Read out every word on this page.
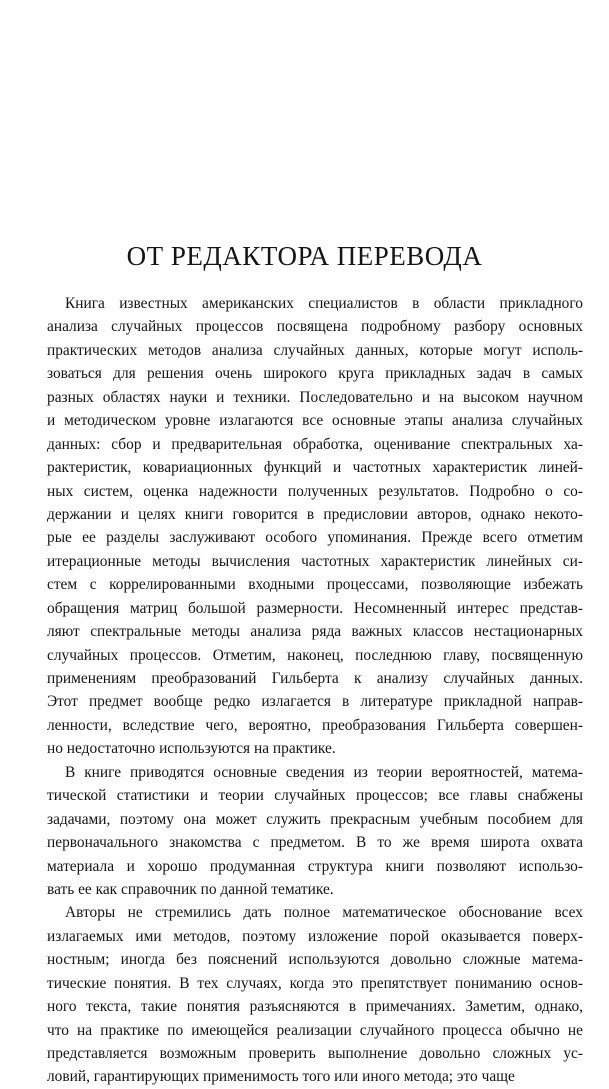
ОТ РЕДАКТОРА ПЕРЕВОДА
Книга известных американских специалистов в области прикладного
анализа случайных процессов посвящена подробному разбору основных
практических методов анализа случайных данных, которые могут исполь-
зоваться для решения очень широкого круга прикладных задач в самых
разных областях науки и техники. Последовательно и на высоком научном
и методическом уровне излагаются все основные этапы анализа случайных
данных: сбор и предварительная обработка, оценивание спектральных ха-
рактеристик, ковариационных функций и частотных характеристик линей-
ных систем, оценка надежности полученных результатов. Подробно о со-
держании и целях книги говорится в предисловии авторов, однако некото-
рые ее разделы заслуживают особого упоминания. Прежде всего отметим
итерационные методы вычисления частотных характеристик линейных си-
стем с коррелированными входными процессами, позволяющие избежать
обращения матриц большой размерности. Несомненный интерес представ-
ляют спектральные методы анализа ряда важных классов нестационарных
случайных процессов. Отметим, наконец, последнюю главу, посвященную
применениям преобразований Гильберта к анализу случайных данных.
Этот предмет вообще редко излагается в литературе прикладной направ-
ленности, вследствие чего, вероятно, преобразования Гильберта совершен-
но недостаточно используются на практике.
В книге приводятся основные сведения из теории вероятностей, матема-
тической статистики и теории случайных процессов; все главы снабжены
задачами, поэтому она может служить прекрасным учебным пособием для
первоначального знакомства с предметом. В то же время широта охвата
материала и хорошо продуманная структура книги позволяют использо-
вать ее как справочник по данной тематике.
Авторы не стремились дать полное математическое обоснование всех
излагаемых ими методов, поэтому изложение порой оказывается поверх-
ностным; иногда без пояснений используются довольно сложные матема-
тические понятия. В тех случаях, когда это препятствует пониманию основ-
ного текста, такие понятия разъясняются в примечаниях. Заметим, однако,
что на практике по имеющейся реализации случайного процесса обычно не
представляется возможным проверить выполнение довольно сложных ус-
ловий, гарантирующих применимость того или иного метода; это чаще
